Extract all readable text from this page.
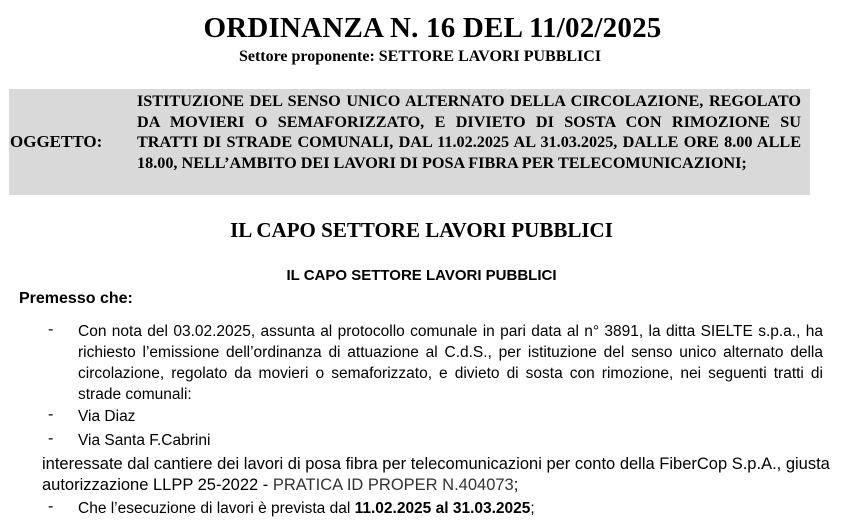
ORDINANZA N. 16 DEL 11/02/2025
Settore proponente: SETTORE LAVORI PUBBLICI
OGGETTO:
ISTITUZIONE DEL SENSO UNICO ALTERNATO DELLA CIRCOLAZIONE, REGOLATO DA MOVIERI O SEMAFORIZZATO, E DIVIETO DI SOSTA CON RIMOZIONE SU TRATTI DI STRADE COMUNALI, DAL 11.02.2025 AL 31.03.2025, DALLE ORE 8.00 ALLE 18.00, NELL’AMBITO DEI LAVORI DI POSA FIBRA PER TELECOMUNICAZIONI;
IL CAPO SETTORE LAVORI PUBBLICI
IL CAPO SETTORE LAVORI PUBBLICI
Premesso che:
- Con nota del 03.02.2025, assunta al protocollo comunale in pari data al n° 3891, la ditta SIELTE s.p.a., ha richiesto l’emissione dell’ordinanza di attuazione al C.d.S., per istituzione del senso unico alternato della circolazione, regolato da movieri o semaforizzato, e divieto di sosta con rimozione, nei seguenti tratti di strade comunali:
- Via Diaz
- Via Santa F.Cabrini
interessate dal cantiere dei lavori di posa fibra per telecomunicazioni per conto della FiberCop S.p.A., giusta autorizzazione LLPP 25-2022 - PRATICA ID PROPER N.404073;
- Che l’esecuzione di lavori è prevista dal 11.02.2025 al 31.03.2025;
